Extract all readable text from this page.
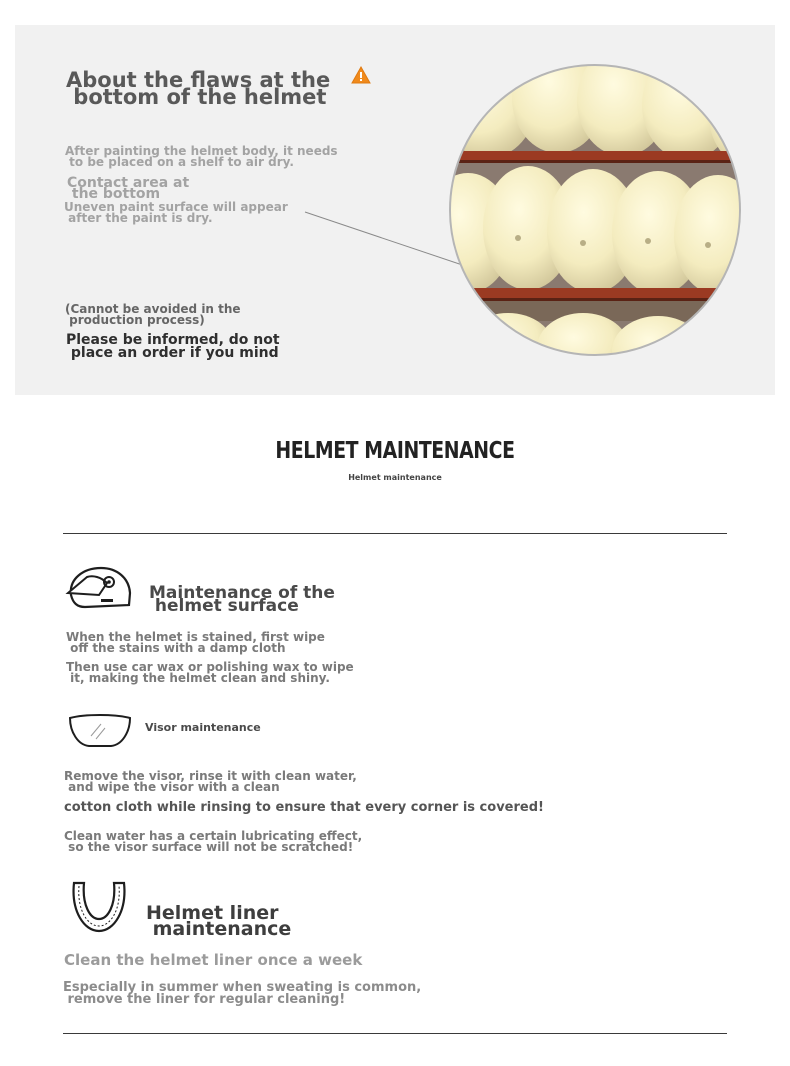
About the flaws at the
bottom of the helmet
After painting the helmet body, it needs
to be placed on a shelf to air dry.
Contact area at
the bottom
Uneven paint surface will appear
after the paint is dry.
(Cannot be avoided in the
production process)
Please be informed, do not
place an order if you mind
HELMET MAINTENANCE
Helmet maintenance
Maintenance of the
helmet surface
When the helmet is stained, first wipe
off the stains with a damp cloth
Then use car wax or polishing wax to wipe
it, making the helmet clean and shiny.
Visor maintenance
Remove the visor, rinse it with clean water,
and wipe the visor with a clean
cotton cloth while rinsing to ensure that every corner is covered!
Clean water has a certain lubricating effect,
so the visor surface will not be scratched!
Helmet liner
maintenance
Clean the helmet liner once a week
Especially in summer when sweating is common,
remove the liner for regular cleaning!
